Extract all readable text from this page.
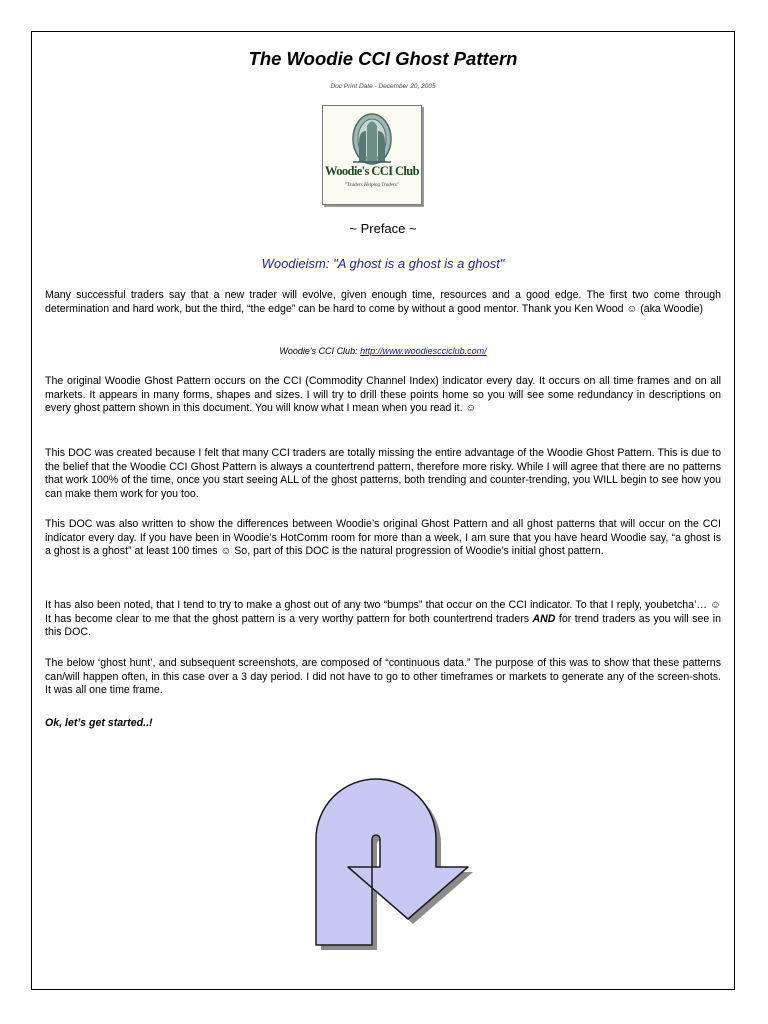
The Woodie CCI Ghost Pattern
Doc Print Date - December 20, 2005
Woodie's CCI Club
"Traders Helping Traders"
~ Preface ~
Woodieism: "A ghost is a ghost is a ghost"
Many successful traders say that a new trader will evolve, given enough time, resources and a good edge. The first two come through determination and hard work, but the third, “the edge” can be hard to come by without a good mentor. Thank you Ken Wood ☺ (aka Woodie)
Woodie's CCI Club: http://www.woodiescciclub.com/
The original Woodie Ghost Pattern occurs on the CCI (Commodity Channel Index) indicator every day. It occurs on all time frames and on all markets. It appears in many forms, shapes and sizes. I will try to drill these points home so you will see some redundancy in descriptions on every ghost pattern shown in this document. You will know what I mean when you read it. ☺
This DOC was created because I felt that many CCI traders are totally missing the entire advantage of the Woodie Ghost Pattern. This is due to the belief that the Woodie CCI Ghost Pattern is always a countertrend pattern, therefore more risky. While I will agree that there are no patterns that work 100% of the time, once you start seeing ALL of the ghost patterns, both trending and counter-trending, you WILL begin to see how you can make them work for you too.
This DOC was also written to show the differences between Woodie’s original Ghost Pattern and all ghost patterns that will occur on the CCI indicator every day. If you have been in Woodie’s HotComm room for more than a week, I am sure that you have heard Woodie say, “a ghost is a ghost is a ghost” at least 100 times ☺ So, part of this DOC is the natural progression of Woodie’s initial ghost pattern.
It has also been noted, that I tend to try to make a ghost out of any two “bumps” that occur on the CCI indicator. To that I reply, youbetcha’… ☺ It has become clear to me that the ghost pattern is a very worthy pattern for both countertrend traders AND for trend traders as you will see in this DOC.
The below ‘ghost hunt’, and subsequent screenshots, are composed of “continuous data.” The purpose of this was to show that these patterns can/will happen often, in this case over a 3 day period. I did not have to go to other timeframes or markets to generate any of the screen-shots. It was all one time frame.
Ok, let’s get started..!
